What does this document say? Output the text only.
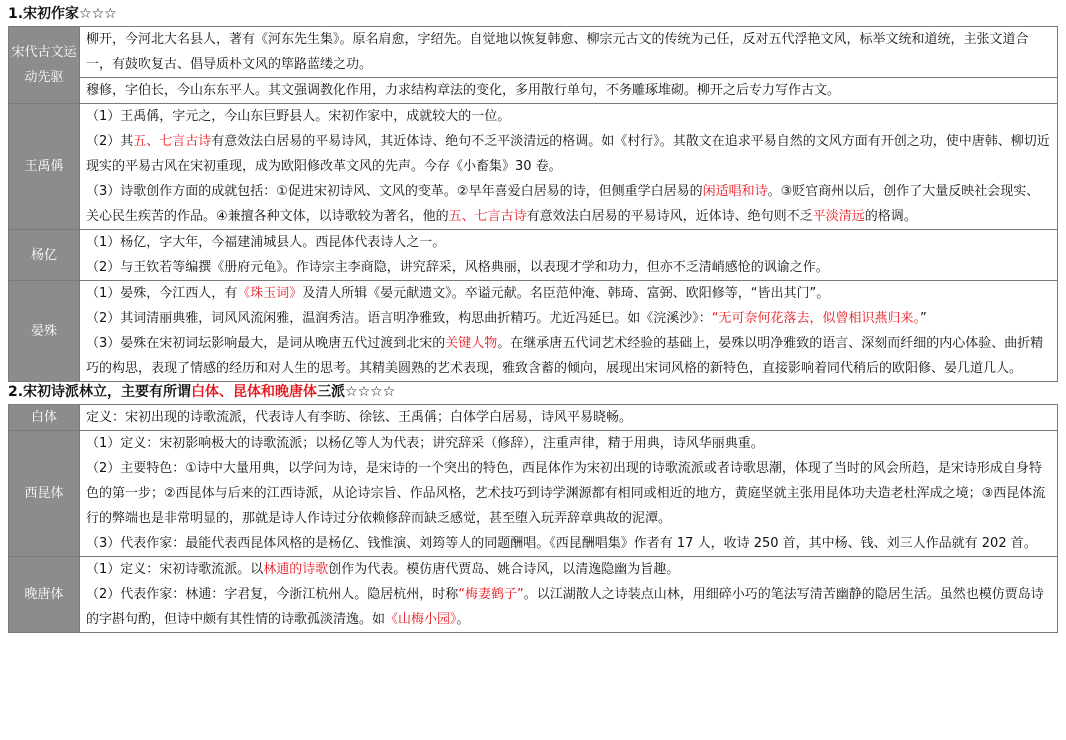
1.宋初作家☆☆☆
宋代古文运动先驱	柳开，今河北大名县人，著有《河东先生集》。原名肩愈，字绍先。自觉地以恢复韩愈、柳宗元古文的传统为己任，反对五代浮艳文风，标举文统和道统，主张文道合一，有鼓吹复古、倡导质朴文风的筚路蓝缕之功。

	穆修，字伯长，今山东东平人。其文强调教化作用，力求结构章法的变化，多用散行单句，不务雕琢堆砌。柳开之后专力写作古文。

王禹偁	（1）王禹偁，字元之，今山东巨野县人。宋初作家中，成就较大的一位。

（2）其五、七言古诗有意效法白居易的平易诗风，其近体诗、绝句不乏平淡清远的格调。如《村行》。其散文在追求平易自然的文风方面有开创之功，使中唐韩、柳切近现实的平易古风在宋初重现，成为欧阳修改革文风的先声。今存《小畜集》30 卷。

（3）诗歌创作方面的成就包括：①促进宋初诗风、文风的变革。②早年喜爱白居易的诗，但侧重学白居易的闲适唱和诗。③贬官商州以后，创作了大量反映社会现实、关心民生疾苦的作品。④兼擅各种文体，以诗歌较为著名，他的五、七言古诗有意效法白居易的平易诗风，近体诗、绝句则不乏平淡清远的格调。

杨亿	（1）杨亿，字大年，今福建浦城县人。西昆体代表诗人之一。

（2）与王钦若等编撰《册府元龟》。作诗宗主李商隐，讲究辞采，风格典丽，以表现才学和功力，但亦不乏清峭感怆的讽谕之作。

晏殊	（1）晏殊，今江西人，有《珠玉词》及清人所辑《晏元献遗文》。卒谥元献。名臣范仲淹、韩琦、富弼、欧阳修等，“皆出其门”。

（2）其词清丽典雅，词风风流闲雅，温润秀洁。语言明净雅致，构思曲折精巧。尤近冯延巳。如《浣溪沙》：“无可奈何花落去，似曾相识燕归来。”

（3）晏殊在宋初词坛影响最大，是词从晚唐五代过渡到北宋的关键人物。在继承唐五代词艺术经验的基础上，晏殊以明净雅致的语言、深刻而纤细的内心体验、曲折精巧的构思，表现了情感的经历和对人生的思考。其精美圆熟的艺术表现，雅致含蓄的倾向，展现出宋词风格的新特色，直接影响着同代稍后的欧阳修、晏几道几人。

2.宋初诗派林立，主要有所谓白体、昆体和晚唐体三派☆☆☆☆
白体	定义：宋初出现的诗歌流派，代表诗人有李昉、徐铉、王禹偁；白体学白居易，诗风平易晓畅。

西昆体	（1）定义：宋初影响极大的诗歌流派；以杨亿等人为代表；讲究辞采（修辞），注重声律，精于用典，诗风华丽典重。

（2）主要特色：①诗中大量用典，以学问为诗，是宋诗的一个突出的特色，西昆体作为宋初出现的诗歌流派或者诗歌思潮，体现了当时的风会所趋，是宋诗形成自身特色的第一步；②西昆体与后来的江西诗派，从论诗宗旨、作品风格，艺术技巧到诗学渊源都有相同或相近的地方，黄庭坚就主张用昆体功夫造老杜浑成之境；③西昆体流行的弊端也是非常明显的，那就是诗人作诗过分依赖修辞而缺乏感觉，甚至堕入玩弄辞章典故的泥潭。

（3）代表作家：最能代表西昆体风格的是杨亿、钱惟演、刘筠等人的同题酬唱。《西昆酬唱集》作者有 17 人，收诗 250 首，其中杨、钱、刘三人作品就有 202 首。

晚唐体	（1）定义：宋初诗歌流派。以林逋的诗歌创作为代表。模仿唐代贾岛、姚合诗风，以清逸隐幽为旨趣。

（2）代表作家：林逋：字君复，今浙江杭州人。隐居杭州，时称“梅妻鹤子”。以江湖散人之诗装点山林，用细碎小巧的笔法写清苦幽静的隐居生活。虽然也模仿贾岛诗的字斟句酌，但诗中颇有其性情的诗歌孤淡清逸。如《山梅小园》。
